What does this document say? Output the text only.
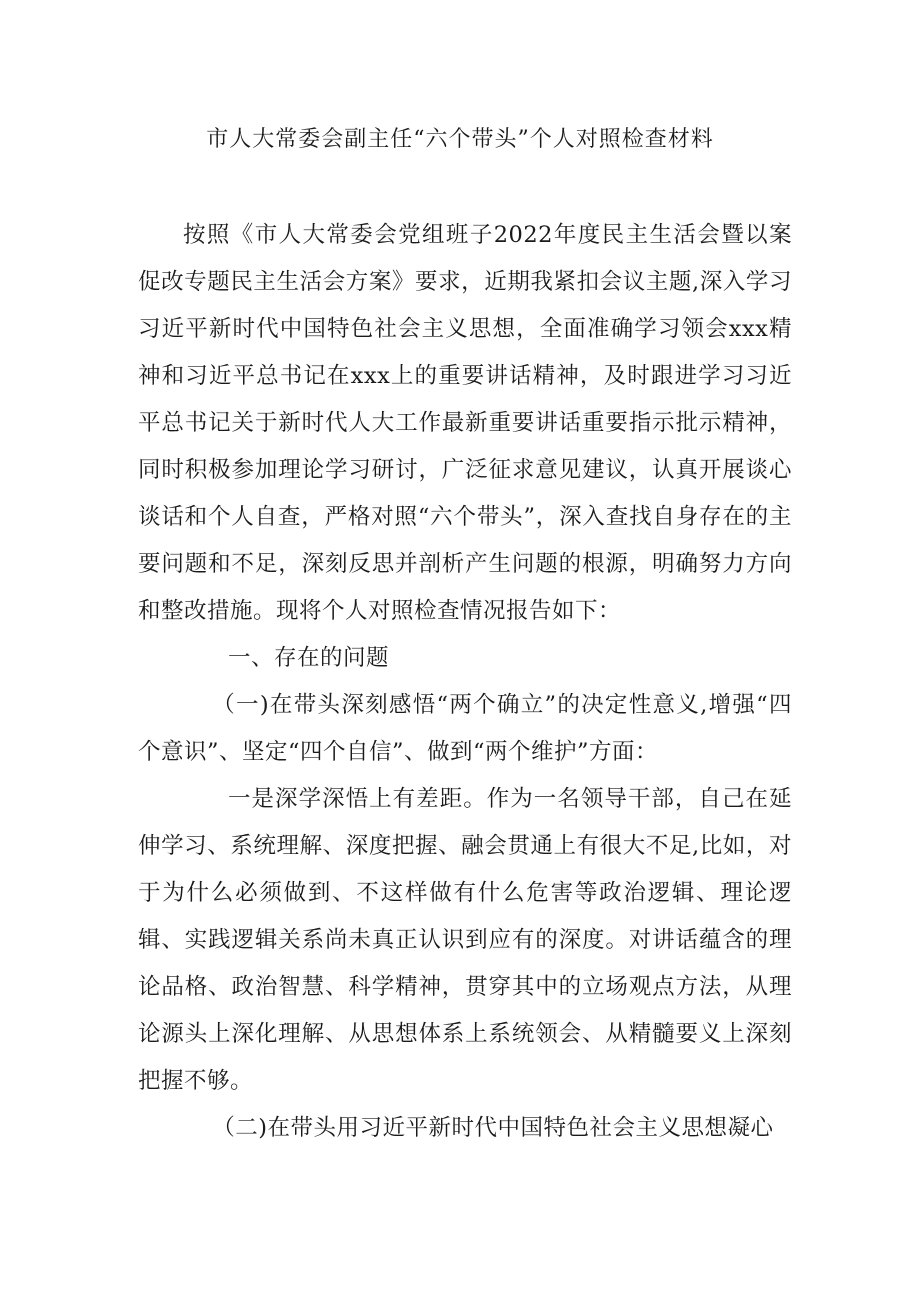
市人大常委会副主任“六个带头”个人对照检查材料

按照《市人大常委会党组班子2022年度民主生活会暨以案促改专题民主生活会方案》要求，近期我紧扣会议主题,深入学习习近平新时代中国特色社会主义思想，全面准确学习领会xxx精神和习近平总书记在xxx上的重要讲话精神，及时跟进学习习近平总书记关于新时代人大工作最新重要讲话重要指示批示精神，同时积极参加理论学习研讨，广泛征求意见建议，认真开展谈心谈话和个人自查，严格对照“六个带头”，深入查找自身存在的主要问题和不足，深刻反思并剖析产生问题的根源，明确努力方向和整改措施。现将个人对照检查情况报告如下：

一、存在的问题

（一)在带头深刻感悟“两个确立”的决定性意义,增强“四个意识”、坚定“四个自信”、做到“两个维护”方面：

一是深学深悟上有差距。作为一名领导干部，自己在延伸学习、系统理解、深度把握、融会贯通上有很大不足,比如，对于为什么必须做到、不这样做有什么危害等政治逻辑、理论逻辑、实践逻辑关系尚未真正认识到应有的深度。对讲话蕴含的理论品格、政治智慧、科学精神，贯穿其中的立场观点方法，从理论源头上深化理解、从思想体系上系统领会、从精髓要义上深刻把握不够。

（二)在带头用习近平新时代中国特色社会主义思想凝心
